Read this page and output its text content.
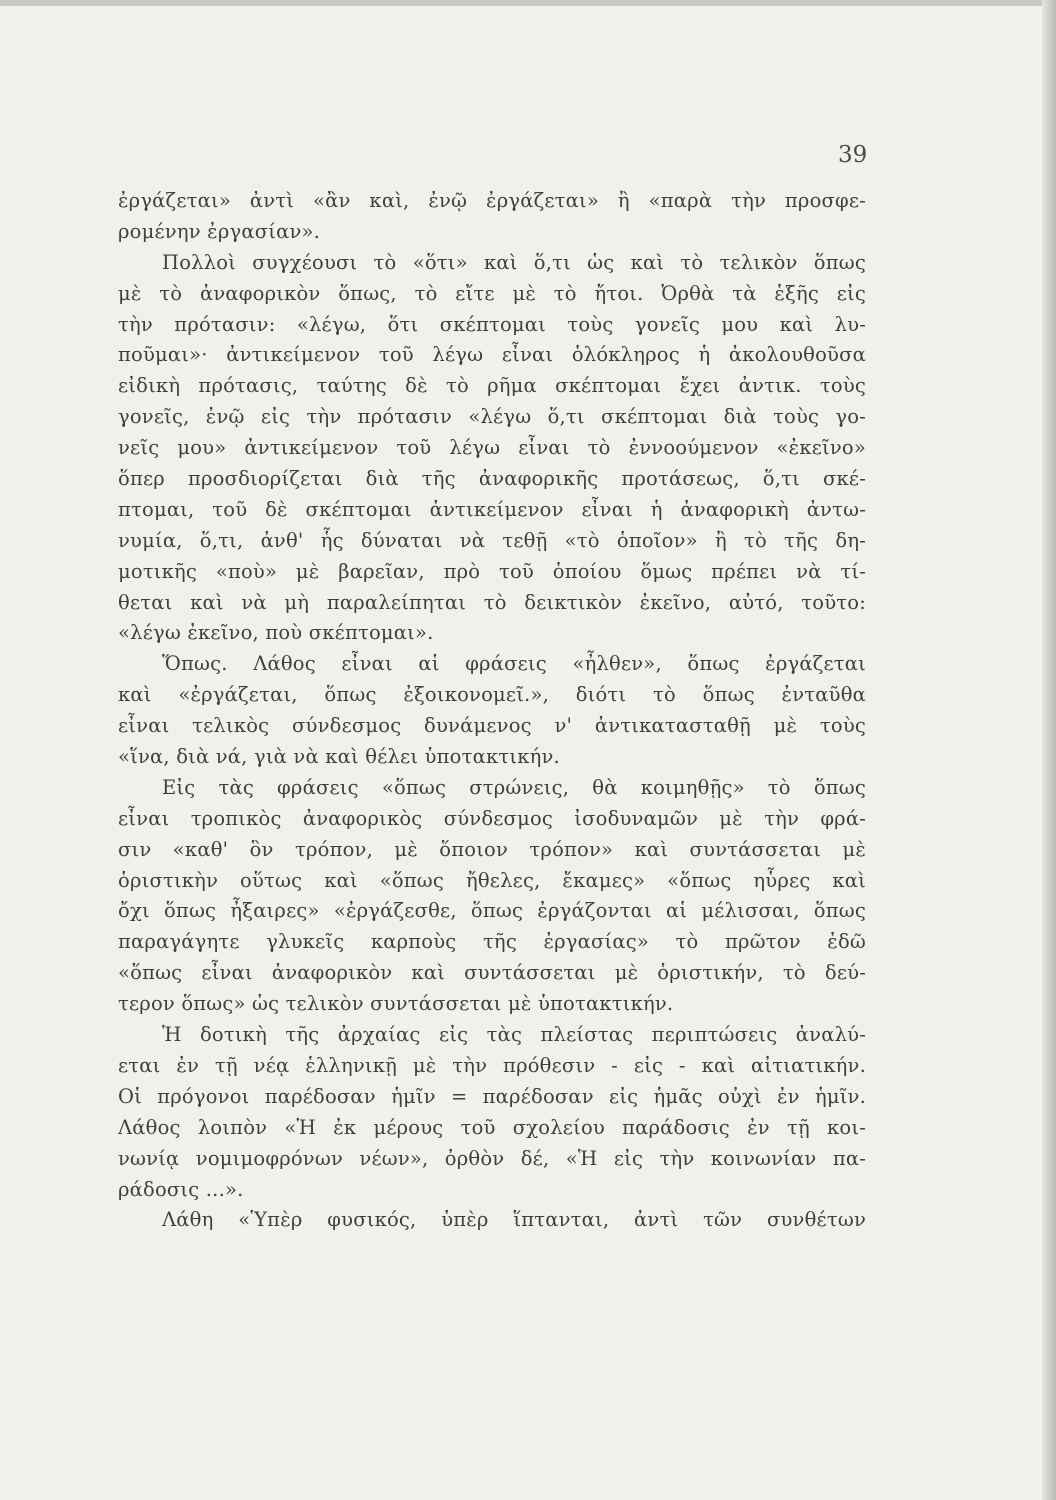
39
ἐργάζεται» ἀντὶ «ἂν καὶ, ἐνῷ ἐργάζεται» ἢ «παρὰ τὴν προσφε-
ρομένην ἐργασίαν».
Πολλοὶ συγχέουσι τὸ «ὅτι» καὶ ὅ,τι ὡς καὶ τὸ τελικὸν ὅπως
μὲ τὸ ἀναφορικὸν ὅπως, τὸ εἴτε μὲ τὸ ἤτοι. Ὀρθὰ τὰ ἑξῆς εἰς
τὴν πρότασιν: «λέγω, ὅτι σκέπτομαι τοὺς γονεῖς μου καὶ λυ-
ποῦμαι»· ἀντικείμενον τοῦ λέγω εἶναι ὁλόκληρος ἡ ἀκολουθοῦσα
εἰδικὴ πρότασις, ταύτης δὲ τὸ ρῆμα σκέπτομαι ἔχει ἀντικ. τοὺς
γονεῖς, ἐνῷ εἰς τὴν πρότασιν «λέγω ὅ,τι σκέπτομαι διὰ τοὺς γο-
νεῖς μου» ἀντικείμενον τοῦ λέγω εἶναι τὸ ἐννοούμενον «ἐκεῖνο»
ὅπερ προσδιορίζεται διὰ τῆς ἀναφορικῆς προτάσεως, ὅ,τι σκέ-
πτομαι, τοῦ δὲ σκέπτομαι ἀντικείμενον εἶναι ἡ ἀναφορικὴ ἀντω-
νυμία, ὅ,τι, ἀνθ' ἧς δύναται νὰ τεθῇ «τὸ ὁποῖον» ἢ τὸ τῆς δη-
μοτικῆς «ποὺ» μὲ βαρεῖαν, πρὸ τοῦ ὁποίου ὅμως πρέπει νὰ τί-
θεται καὶ νὰ μὴ παραλείπηται τὸ δεικτικὸν ἐκεῖνο, αὐτό, τοῦτο:
«λέγω ἐκεῖνο, ποὺ σκέπτομαι».
Ὅπως. Λάθος εἶναι αἱ φράσεις «ἦλθεν», ὅπως ἐργάζεται
καὶ «ἐργάζεται, ὅπως ἐξοικονομεῖ.», διότι τὸ ὅπως ἐνταῦθα
εἶναι τελικὸς σύνδεσμος δυνάμενος ν' ἀντικατασταθῇ μὲ τοὺς
«ἵνα, διὰ νά, γιὰ νὰ καὶ θέλει ὑποτακτικήν.
Εἰς τὰς φράσεις «ὅπως στρώνεις, θὰ κοιμηθῇς» τὸ ὅπως
εἶναι τροπικὸς ἀναφορικὸς σύνδεσμος ἰσοδυναμῶν μὲ τὴν φρά-
σιν «καθ' ὃν τρόπον, μὲ ὅποιον τρόπον» καὶ συντάσσεται μὲ
ὁριστικὴν οὕτως καὶ «ὅπως ἤθελες, ἔκαμες» «ὅπως ηὗρες καὶ
ὄχι ὅπως ἦξαιρες» «ἐργάζεσθε, ὅπως ἐργάζονται αἱ μέλισσαι, ὅπως
παραγάγητε γλυκεῖς καρποὺς τῆς ἐργασίας» τὸ πρῶτον ἐδῶ
«ὅπως εἶναι ἀναφορικὸν καὶ συντάσσεται μὲ ὁριστικήν, τὸ δεύ-
τερον ὅπως» ὡς τελικὸν συντάσσεται μὲ ὑποτακτικήν.
Ἡ δοτικὴ τῆς ἀρχαίας εἰς τὰς πλείστας περιπτώσεις ἀναλύ-
εται ἐν τῇ νέᾳ ἑλληνικῇ μὲ τὴν πρόθεσιν - εἰς - καὶ αἰτιατικήν.
Οἱ πρόγονοι παρέδοσαν ἡμῖν = παρέδοσαν εἰς ἡμᾶς οὐχὶ ἐν ἡμῖν.
Λάθος λοιπὸν «Ἡ ἐκ μέρους τοῦ σχολείου παράδοσις ἐν τῇ κοι-
νωνίᾳ νομιμοφρόνων νέων», ὀρθὸν δέ, «Ἡ εἰς τὴν κοινωνίαν πα-
ράδοσις ...».
Λάθη «Ὑπὲρ φυσικός, ὑπὲρ ἵπτανται, ἀντὶ τῶν συνθέτων
